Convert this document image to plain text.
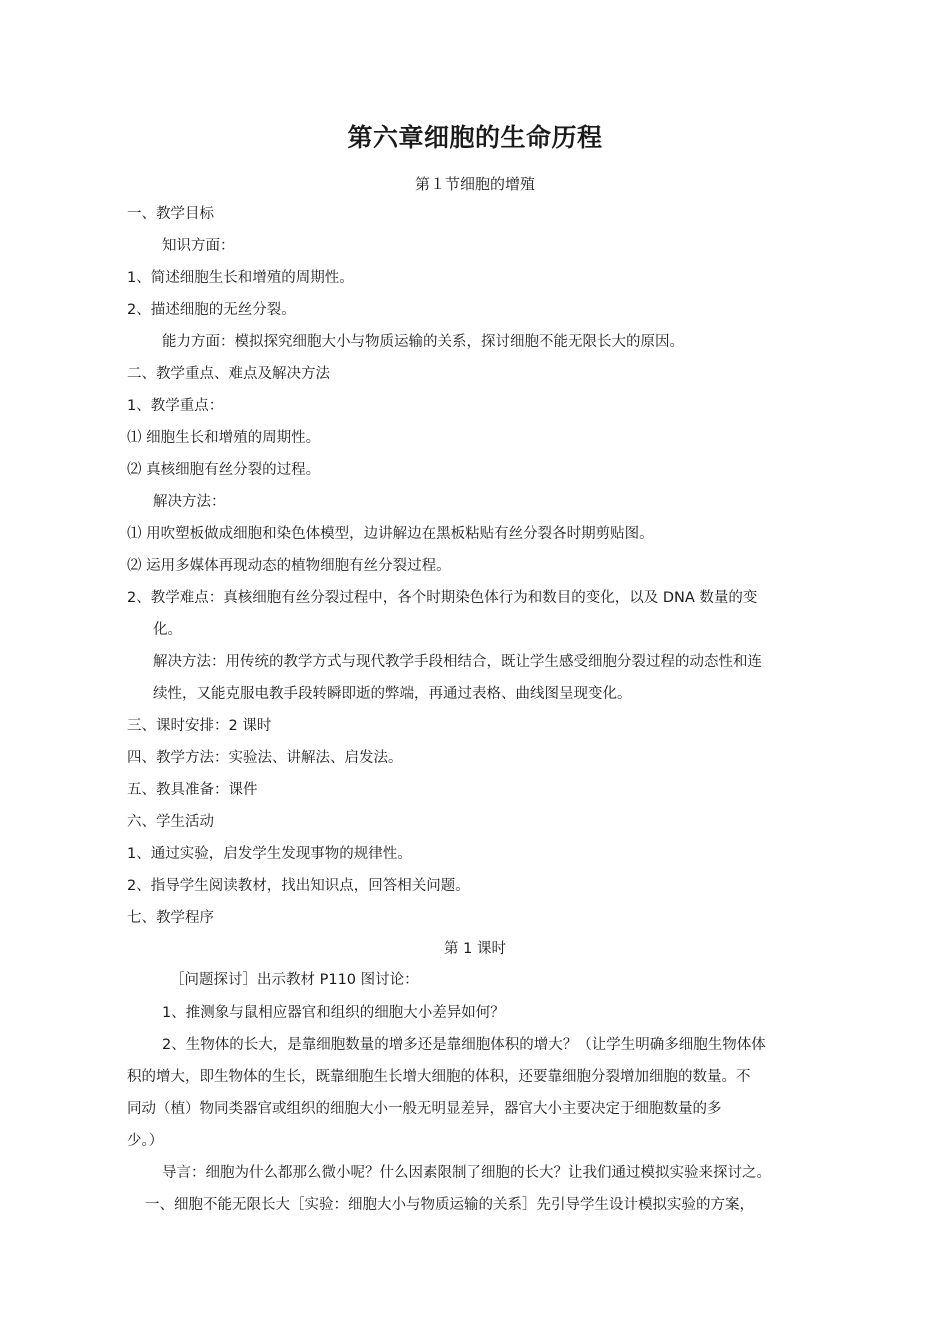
第六章细胞的生命历程
第１节细胞的增殖
一、教学目标
知识方面：
1、简述细胞生长和增殖的周期性。
2、描述细胞的无丝分裂。
能力方面：模拟探究细胞大小与物质运输的关系，探讨细胞不能无限长大的原因。
二、教学重点、难点及解决方法
1、教学重点：
⑴ 细胞生长和增殖的周期性。
⑵ 真核细胞有丝分裂的过程。
解决方法：
⑴ 用吹塑板做成细胞和染色体模型，边讲解边在黑板粘贴有丝分裂各时期剪贴图。
⑵ 运用多媒体再现动态的植物细胞有丝分裂过程。
2、教学难点：真核细胞有丝分裂过程中，各个时期染色体行为和数目的变化，以及 DNA 数量的变
化。
解决方法：用传统的教学方式与现代教学手段相结合，既让学生感受细胞分裂过程的动态性和连
续性，又能克服电教手段转瞬即逝的弊端，再通过表格、曲线图呈现变化。
三、课时安排：2 课时
四、教学方法：实验法、讲解法、启发法。
五、教具准备：课件
六、学生活动
1、通过实验，启发学生发现事物的规律性。
2、指导学生阅读教材，找出知识点，回答相关问题。
七、教学程序
第 1 课时
［问题探讨］出示教材 P110 图讨论：
1、推测象与鼠相应器官和组织的细胞大小差异如何？
2、生物体的长大，是靠细胞数量的增多还是靠细胞体积的增大？（让学生明确多细胞生物体体
积的增大，即生物体的生长，既靠细胞生长增大细胞的体积，还要靠细胞分裂增加细胞的数量。不
同动（植）物同类器官或组织的细胞大小一般无明显差异，器官大小主要决定于细胞数量的多
少。）
导言：细胞为什么都那么微小呢？什么因素限制了细胞的长大？让我们通过模拟实验来探讨之。
一、细胞不能无限长大［实验：细胞大小与物质运输的关系］先引导学生设计模拟实验的方案，
